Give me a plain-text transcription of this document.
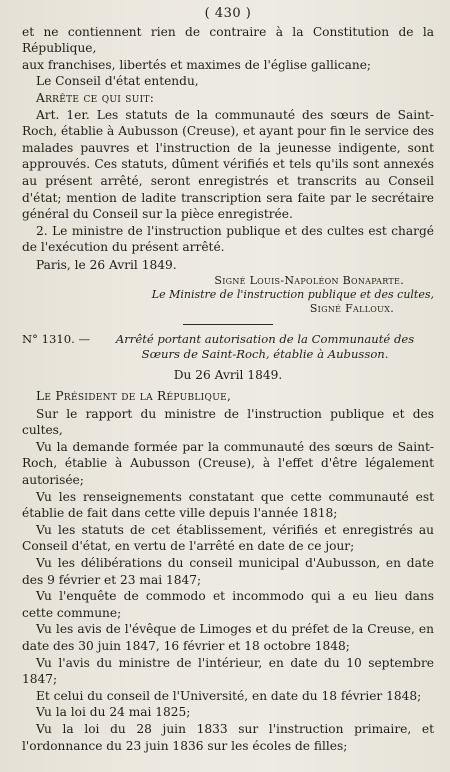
( 430 )

et ne contiennent rien de contraire à la Constitution de la République,

aux franchises, libertés et maximes de l'église gallicane;

Le Conseil d'état entendu,

Arrête ce qui suit:

Art. 1er. Les statuts de la communauté des sœurs de Saint-Roch, établie à Aubusson (Creuse), et ayant pour fin le service des malades pauvres et l'instruction de la jeunesse indigente, sont approuvés. Ces statuts, dûment vérifiés et tels qu'ils sont annexés au présent arrêté, seront enregistrés et transcrits au Conseil d'état; mention de ladite transcription sera faite par le secrétaire général du Conseil sur la pièce enregistrée.

2. Le ministre de l'instruction publique et des cultes est chargé de l'exécution du présent arrêté.

Paris, le 26 Avril 1849.

Signé Louis-Napoléon Bonaparte.
Le Ministre de l'instruction publique et des cultes,
Signé Falloux.
N° 1310. —	Arrêté portant autorisation de la Communauté des Sœurs de Saint-Roch, établie à Aubusson.
Du 26 Avril 1849.

Le Président de la République,

Sur le rapport du ministre de l'instruction publique et des cultes,

Vu la demande formée par la communauté des sœurs de Saint-Roch, établie à Aubusson (Creuse), à l'effet d'être légalement autorisée;

Vu les renseignements constatant que cette communauté est établie de fait dans cette ville depuis l'année 1818;

Vu les statuts de cet établissement, vérifiés et enregistrés au Conseil d'état, en vertu de l'arrêté en date de ce jour;

Vu les délibérations du conseil municipal d'Aubusson, en date des 9 février et 23 mai 1847;

Vu l'enquête de commodo et incommodo qui a eu lieu dans cette commune;

Vu les avis de l'évêque de Limoges et du préfet de la Creuse, en date des 30 juin 1847, 16 février et 18 octobre 1848;

Vu l'avis du ministre de l'intérieur, en date du 10 septembre 1847;

Et celui du conseil de l'Université, en date du 18 février 1848;

Vu la loi du 24 mai 1825;

Vu la loi du 28 juin 1833 sur l'instruction primaire, et l'ordonnance du 23 juin 1836 sur les écoles de filles;
